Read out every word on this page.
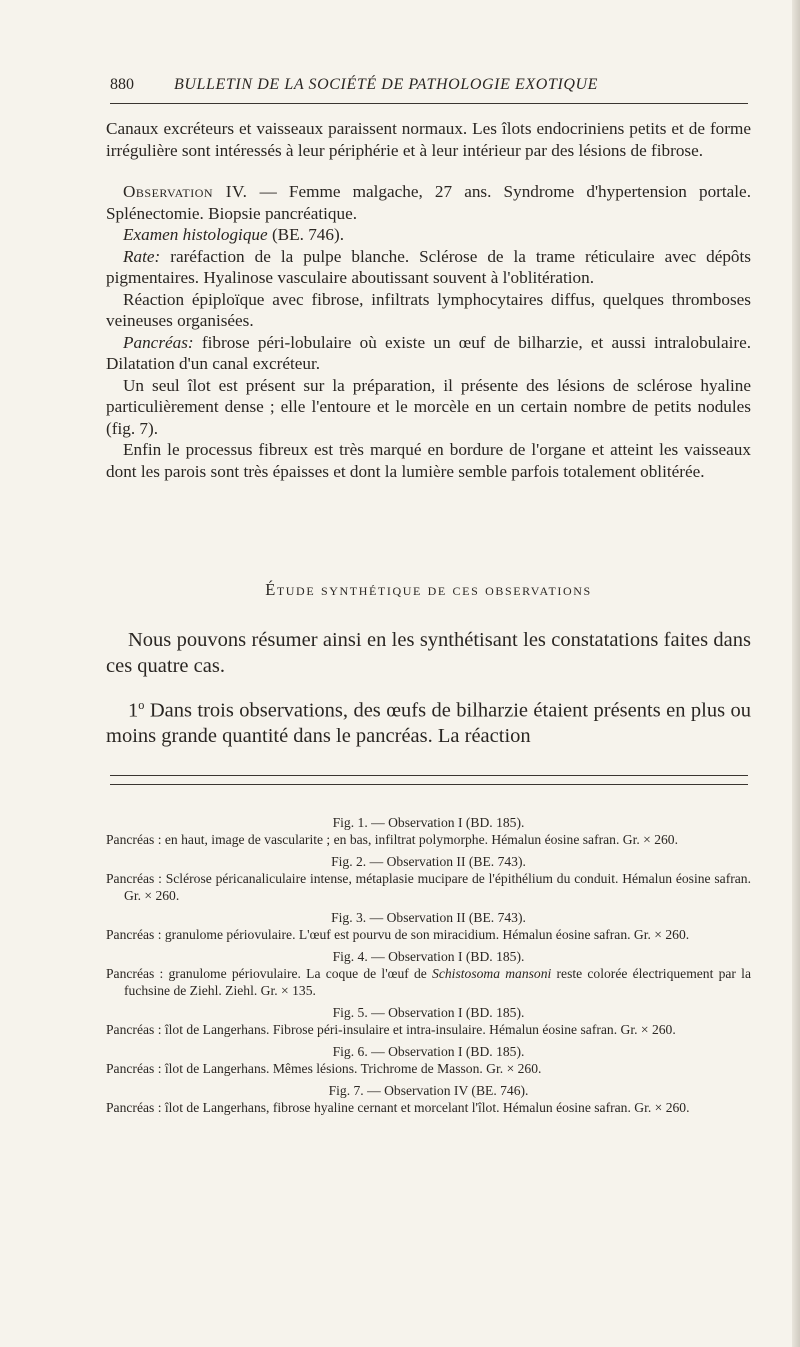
880	BULLETIN DE LA SOCIÉTÉ DE PATHOLOGIE EXOTIQUE

Canaux excréteurs et vaisseaux paraissent normaux. Les îlots endocriniens petits et de forme irrégulière sont intéressés à leur périphérie et à leur intérieur par des lésions de fibrose.

Observation IV. — Femme malgache, 27 ans. Syndrome d'hypertension portale. Splénectomie. Biopsie pancréatique.

Examen histologique (BE. 746).

Rate: raréfaction de la pulpe blanche. Sclérose de la trame réticulaire avec dépôts pigmentaires. Hyalinose vasculaire aboutissant souvent à l'oblitération.

Réaction épiploïque avec fibrose, infiltrats lymphocytaires diffus, quelques thromboses veineuses organisées.

Pancréas: fibrose péri-lobulaire où existe un œuf de bilharzie, et aussi intralobulaire. Dilatation d'un canal excréteur.

Un seul îlot est présent sur la préparation, il présente des lésions de sclérose hyaline particulièrement dense ; elle l'entoure et le morcèle en un certain nombre de petits nodules (fig. 7).

Enfin le processus fibreux est très marqué en bordure de l'organe et atteint les vaisseaux dont les parois sont très épaisses et dont la lumière semble parfois totalement oblitérée.

Étude synthétique de ces observations

Nous pouvons résumer ainsi en les synthétisant les constatations faites dans ces quatre cas.

1$^o$ Dans trois observations, des œufs de bilharzie étaient présents en plus ou moins grande quantité dans le pancréas. La réaction

Fig. 1. — Observation I (BD. 185).

Pancréas : en haut, image de vascularite ; en bas, infiltrat polymorphe. Hémalun éosine safran. Gr. × 260.

Fig. 2. — Observation II (BE. 743).

Pancréas : Sclérose péricanaliculaire intense, métaplasie mucipare de l'épithélium du conduit. Hémalun éosine safran. Gr. × 260.

Fig. 3. — Observation II (BE. 743).

Pancréas : granulome périovulaire. L'œuf est pourvu de son miracidium. Hémalun éosine safran. Gr. × 260.

Fig. 4. — Observation I (BD. 185).

Pancréas : granulome périovulaire. La coque de l'œuf de Schistosoma mansoni reste colorée électriquement par la fuchsine de Ziehl. Ziehl. Gr. × 135.

Fig. 5. — Observation I (BD. 185).

Pancréas : îlot de Langerhans. Fibrose péri-insulaire et intra-insulaire. Hémalun éosine safran. Gr. × 260.

Fig. 6. — Observation I (BD. 185).

Pancréas : îlot de Langerhans. Mêmes lésions. Trichrome de Masson. Gr. × 260.

Fig. 7. — Observation IV (BE. 746).

Pancréas : îlot de Langerhans, fibrose hyaline cernant et morcelant l'îlot. Hémalun éosine safran. Gr. × 260.
